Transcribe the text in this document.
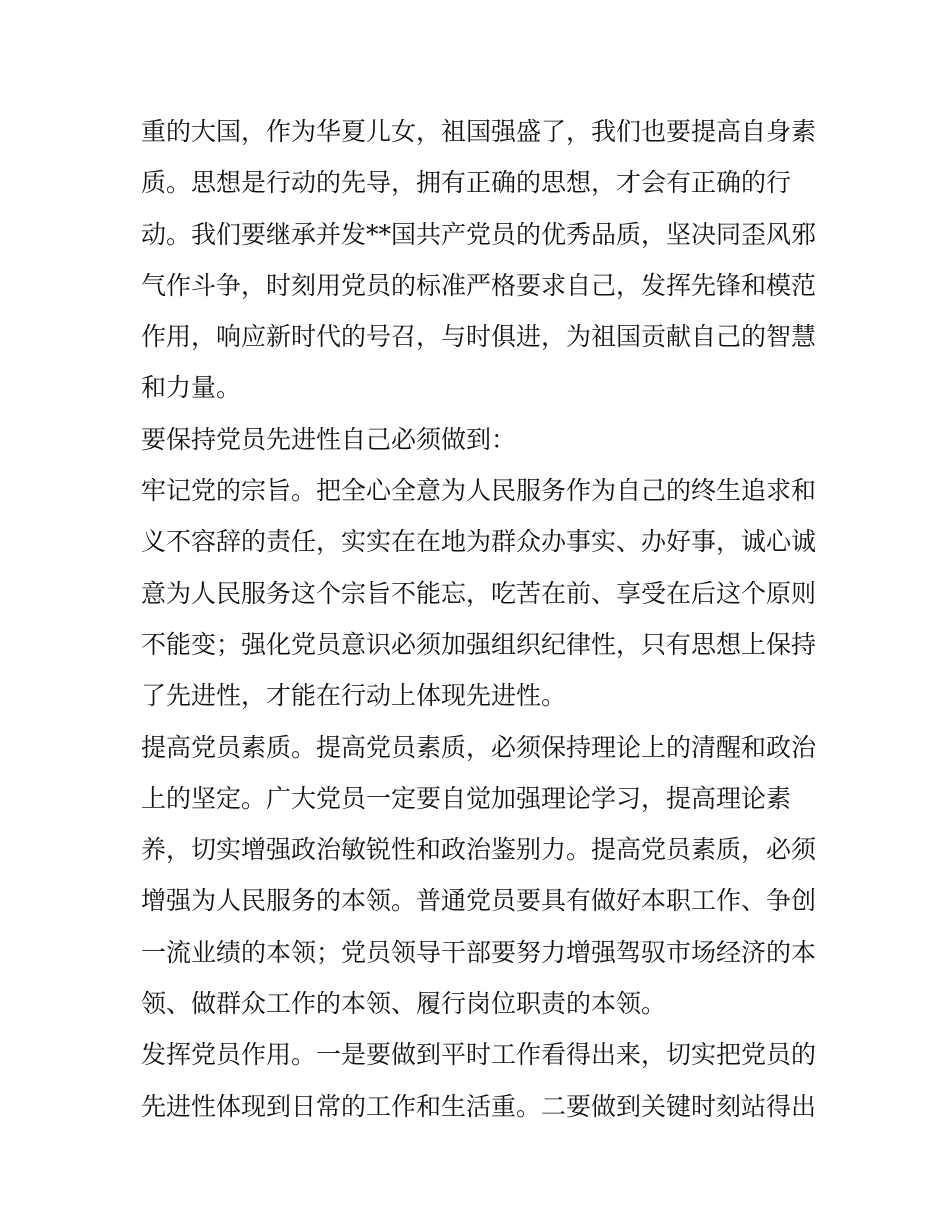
重的大国，作为华夏儿女，祖国强盛了，我们也要提高自身素
质。思想是行动的先导，拥有正确的思想，才会有正确的行
动。我们要继承并发**国共产党员的优秀品质，坚决同歪风邪
气作斗争，时刻用党员的标准严格要求自己，发挥先锋和模范
作用，响应新时代的号召，与时俱进，为祖国贡献自己的智慧
和力量。
要保持党员先进性自己必须做到：
牢记党的宗旨。把全心全意为人民服务作为自己的终生追求和
义不容辞的责任，实实在在地为群众办事实、办好事，诚心诚
意为人民服务这个宗旨不能忘，吃苦在前、享受在后这个原则
不能变；强化党员意识必须加强组织纪律性，只有思想上保持
了先进性，才能在行动上体现先进性。
提高党员素质。提高党员素质，必须保持理论上的清醒和政治
上的坚定。广大党员一定要自觉加强理论学习，提高理论素
养，切实增强政治敏锐性和政治鉴别力。提高党员素质，必须
增强为人民服务的本领。普通党员要具有做好本职工作、争创
一流业绩的本领；党员领导干部要努力增强驾驭市场经济的本
领、做群众工作的本领、履行岗位职责的本领。
发挥党员作用。一是要做到平时工作看得出来，切实把党员的
先进性体现到日常的工作和生活重。二要做到关键时刻站得出
